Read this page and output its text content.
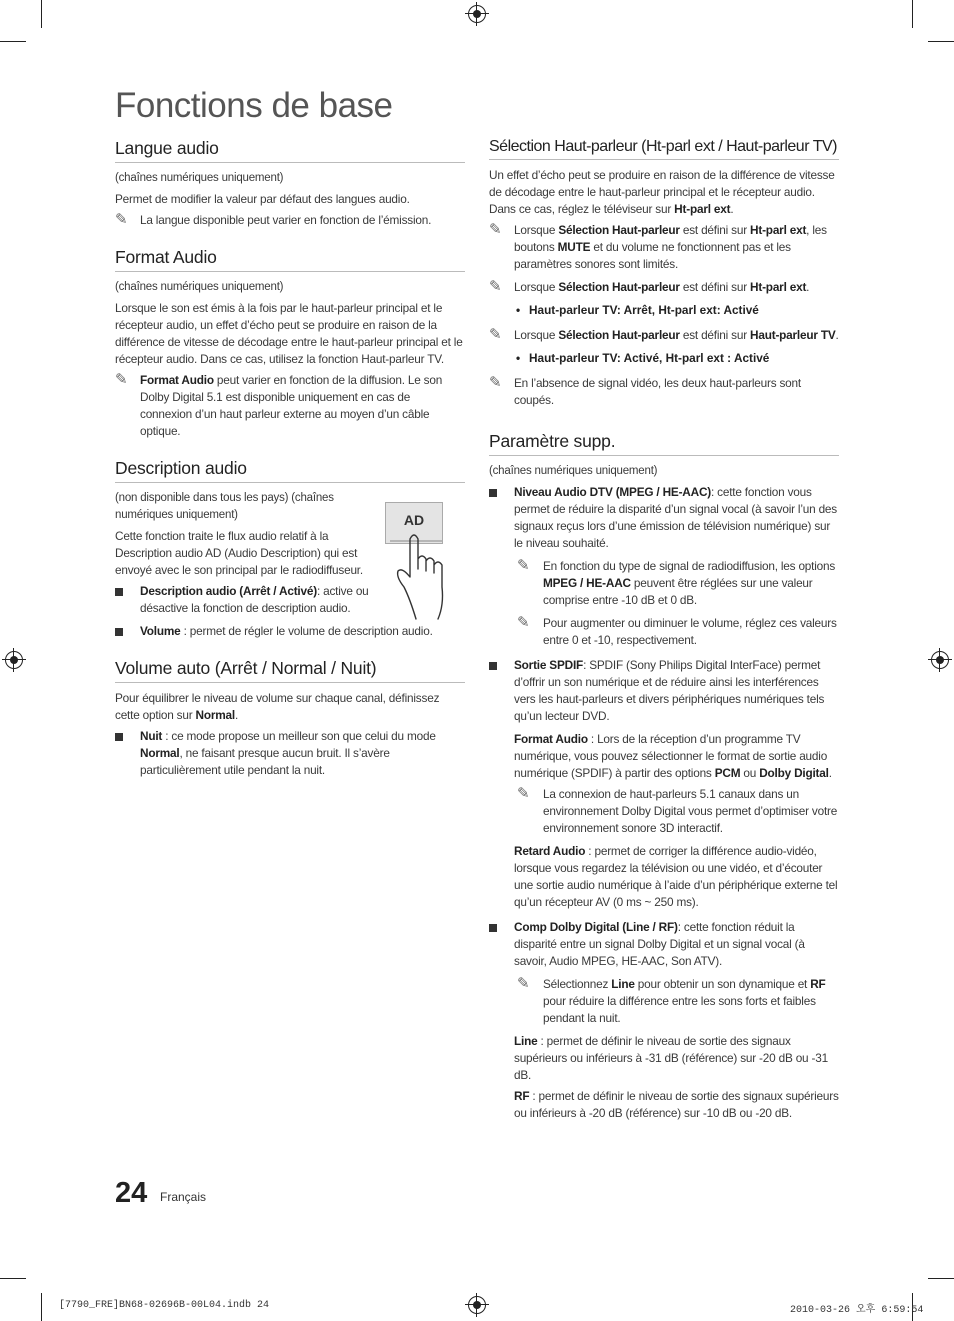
Fonctions de base
Langue audio

(chaînes numériques uniquement)

Permet de modifier la valeur par défaut des langues audio.

✎ La langue disponible peut varier en fonction de l’émission.
Format Audio

(chaînes numériques uniquement)

Lorsque le son est émis à la fois par le haut-parleur principal et le récepteur audio, un effet d’écho peut se produire en raison de la différence de vitesse de décodage entre le haut-parleur principal et le récepteur audio. Dans ce cas, utilisez la fonction Haut-parleur TV.

✎ Format Audio peut varier en fonction de la diffusion. Le son Dolby Digital 5.1 est disponible uniquement en cas de connexion d’un haut parleur externe au moyen d’un câble optique.
Description audio

(non disponible dans tous les pays) (chaînes numériques uniquement)

Cette fonction traite le flux audio relatif à la Description audio AD (Audio Description) qui est envoyé avec le son principal par le radiodiffuseur.

Description audio (Arrêt / Activé): active ou désactive la fonction de description audio.
Volume : permet de régler le volume de description audio.
Volume auto (Arrêt / Normal / Nuit)

Pour équilibrer le niveau de volume sur chaque canal, définissez cette option sur Normal.

Nuit : ce mode propose un meilleur son que celui du mode Normal, ne faisant presque aucun bruit. Il s’avère particulièrement utile pendant la nuit.
AD
Sélection Haut-parleur (Ht-parl ext / Haut-parleur TV)

Un effet d’écho peut se produire en raison de la différence de vitesse de décodage entre le haut-parleur principal et le récepteur audio. Dans ce cas, réglez le téléviseur sur Ht-parl ext.

✎ Lorsque Sélection Haut-parleur est défini sur Ht-parl ext, les boutons MUTE et du volume ne fonctionnent pas et les paramètres sonores sont limités.
✎ Lorsque Sélection Haut-parleur est défini sur Ht-parl ext.
• Haut-parleur TV: Arrêt, Ht-parl ext: Activé
✎ Lorsque Sélection Haut-parleur est défini sur Haut-parleur TV.
• Haut-parleur TV: Activé, Ht-parl ext : Activé
✎ En l’absence de signal vidéo, les deux haut-parleurs sont coupés.
Paramètre supp.

(chaînes numériques uniquement)

Niveau Audio DTV (MPEG / HE-AAC): cette fonction vous permet de réduire la disparité d’un signal vocal (à savoir l’un des signaux reçus lors d’une émission de télévision numérique) sur le niveau souhaité.
✎ En fonction du type de signal de radiodiffusion, les options MPEG / HE-AAC peuvent être réglées sur une valeur comprise entre -10 dB et 0 dB.
✎ Pour augmenter ou diminuer le volume, réglez ces valeurs entre 0 et -10, respectivement.
Sortie SPDIF: SPDIF (Sony Philips Digital InterFace) permet d’offrir un son numérique et de réduire ainsi les interférences vers les haut-parleurs et divers périphériques numériques tels qu’un lecteur DVD.

Format Audio : Lors de la réception d’un programme TV numérique, vous pouvez sélectionner le format de sortie audio numérique (SPDIF) à partir des options PCM ou Dolby Digital.

✎ La connexion de haut-parleurs 5.1 canaux dans un environnement Dolby Digital vous permet d’optimiser votre environnement sonore 3D interactif.

Retard Audio : permet de corriger la différence audio-vidéo, lorsque vous regardez la télévision ou une vidéo, et d’écouter une sortie audio numérique à l’aide d’un périphérique externe tel qu’un récepteur AV (0 ms ~ 250 ms).

Comp Dolby Digital (Line / RF): cette fonction réduit la disparité entre un signal Dolby Digital et un signal vocal (à savoir, Audio MPEG, HE-AAC, Son ATV).
✎ Sélectionnez Line pour obtenir un son dynamique et RF pour réduire la différence entre les sons forts et faibles pendant la nuit.

Line : permet de définir le niveau de sortie des signaux supérieurs ou inférieurs à -31 dB (référence) sur -20 dB ou -31 dB.

RF : permet de définir le niveau de sortie des signaux supérieurs ou inférieurs à -20 dB (référence) sur -10 dB ou -20 dB.

24 Français
[7790_FRE]BN68-02696B-00L04.indb 24	2010-03-26 오후 6:59:54
